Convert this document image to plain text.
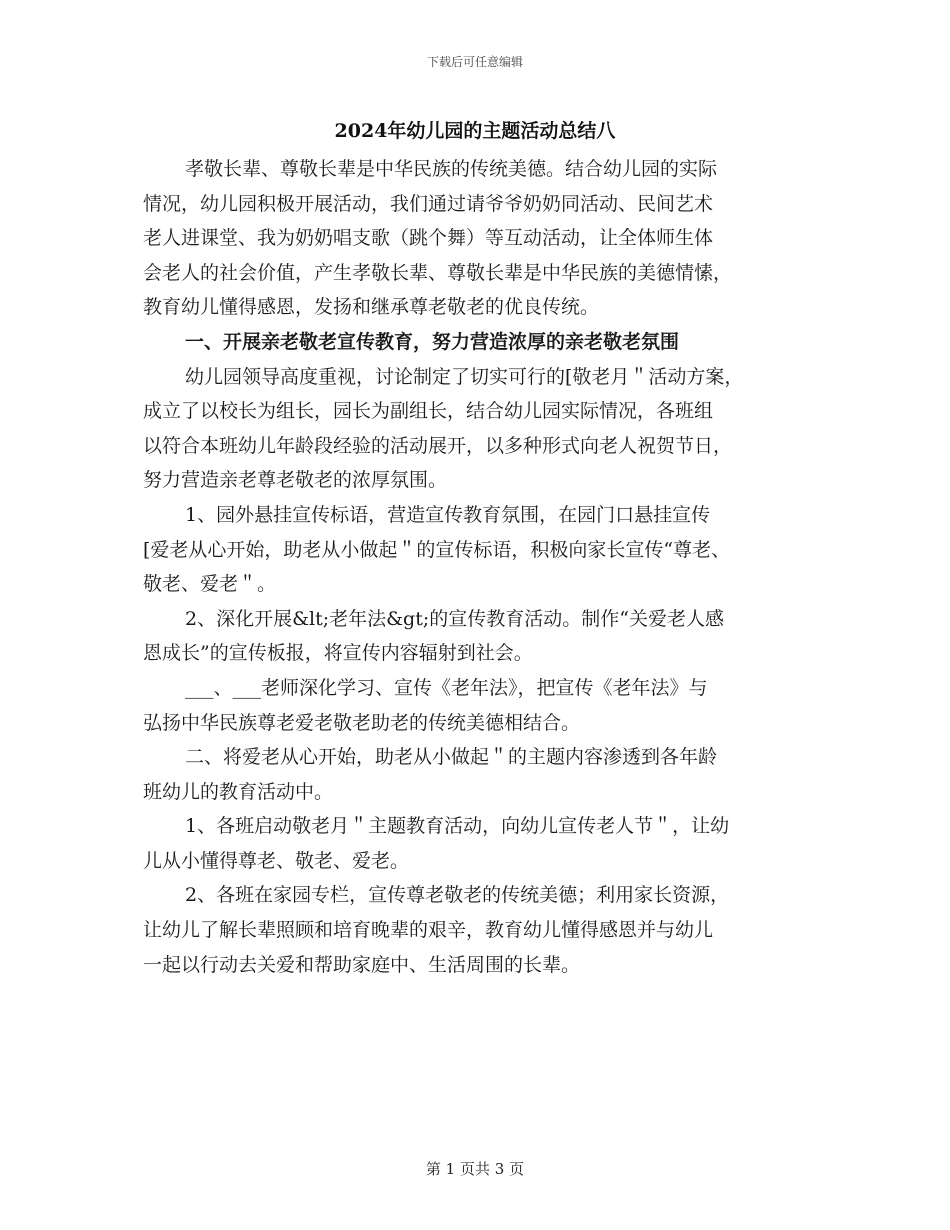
下载后可任意编辑
2024年幼儿园的主题活动总结八
孝敬长辈、尊敬长辈是中华民族的传统美德。结合幼儿园的实际
情况，幼儿园积极开展活动，我们通过请爷爷奶奶同活动、民间艺术
老人进课堂、我为奶奶唱支歌（跳个舞）等互动活动，让全体师生体
会老人的社会价值，产生孝敬长辈、尊敬长辈是中华民族的美德情愫，
教育幼儿懂得感恩，发扬和继承尊老敬老的优良传统。
一、开展亲老敬老宣传教育，努力营造浓厚的亲老敬老氛围
幼儿园领导高度重视，讨论制定了切实可行的[敬老月＂活动方案，
成立了以校长为组长，园长为副组长，结合幼儿园实际情况，各班组
以符合本班幼儿年龄段经验的活动展开，以多种形式向老人祝贺节日，
努力营造亲老尊老敬老的浓厚氛围。
1、园外悬挂宣传标语，营造宣传教育氛围，在园门口悬挂宣传
[爱老从心开始，助老从小做起＂的宣传标语，积极向家长宣传“尊老、
敬老、爱老＂。
2、深化开展&lt;老年法&gt;的宣传教育活动。制作“关爱老人感
恩成长”的宣传板报，将宣传内容辐射到社会。
___、___老师深化学习、宣传《老年法》，把宣传《老年法》与
弘扬中华民族尊老爱老敬老助老的传统美德相结合。
二、将爱老从心开始，助老从小做起＂的主题内容渗透到各年龄
班幼儿的教育活动中。
1、各班启动敬老月＂主题教育活动，向幼儿宣传老人节＂，让幼
儿从小懂得尊老、敬老、爱老。
2、各班在家园专栏，宣传尊老敬老的传统美德；利用家长资源，
让幼儿了解长辈照顾和培育晚辈的艰辛，教育幼儿懂得感恩并与幼儿
一起以行动去关爱和帮助家庭中、生活周围的长辈。
第 1 页共 3 页
